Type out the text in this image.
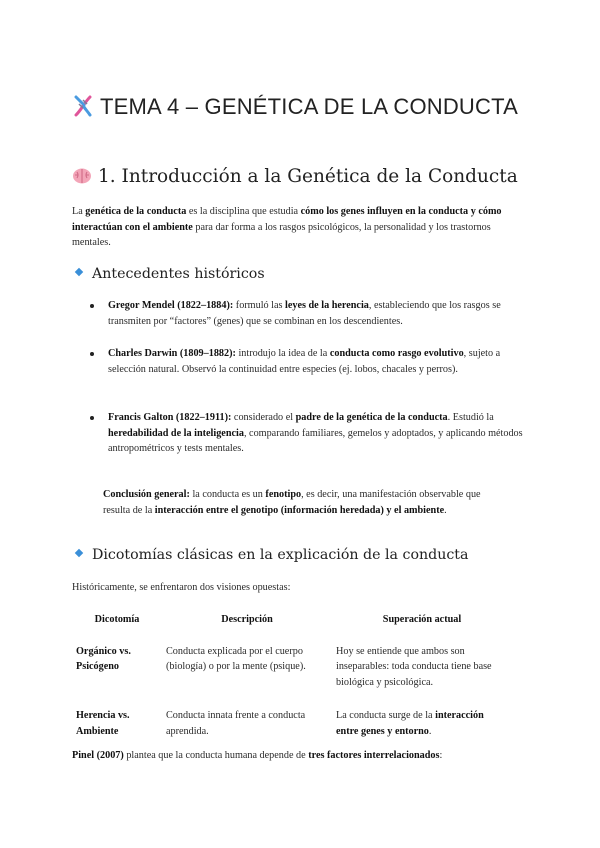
TEMA 4 – GENÉTICA DE LA CONDUCTA
1. Introducción a la Genética de la Conducta
La genética de la conducta es la disciplina que estudia cómo los genes influyen en la conducta y cómo interactúan con el ambiente para dar forma a los rasgos psicológicos, la personalidad y los trastornos mentales.
Antecedentes históricos
Gregor Mendel (1822–1884): formuló las leyes de la herencia, estableciendo que los rasgos se transmiten por “factores” (genes) que se combinan en los descendientes.
Charles Darwin (1809–1882): introdujo la idea de la conducta como rasgo evolutivo, sujeto a selección natural. Observó la continuidad entre especies (ej. lobos, chacales y perros).
Francis Galton (1822–1911): considerado el padre de la genética de la conducta. Estudió la heredabilidad de la inteligencia, comparando familiares, gemelos y adoptados, y aplicando métodos antropométricos y tests mentales.
Conclusión general: la conducta es un fenotipo, es decir, una manifestación observable que resulta de la interacción entre el genotipo (información heredada) y el ambiente.
Dicotomías clásicas en la explicación de la conducta
Históricamente, se enfrentaron dos visiones opuestas:
Dicotomía	Descripción	Superación actual
Orgánico vs. Psicógeno	Conducta explicada por el cuerpo (biología) o por la mente (psique).	Hoy se entiende que ambos son inseparables: toda conducta tiene base biológica y psicológica.
Herencia vs. Ambiente	Conducta innata frente a conducta aprendida.	La conducta surge de la interacción entre genes y entorno.
Pinel (2007) plantea que la conducta humana depende de tres factores interrelacionados:
